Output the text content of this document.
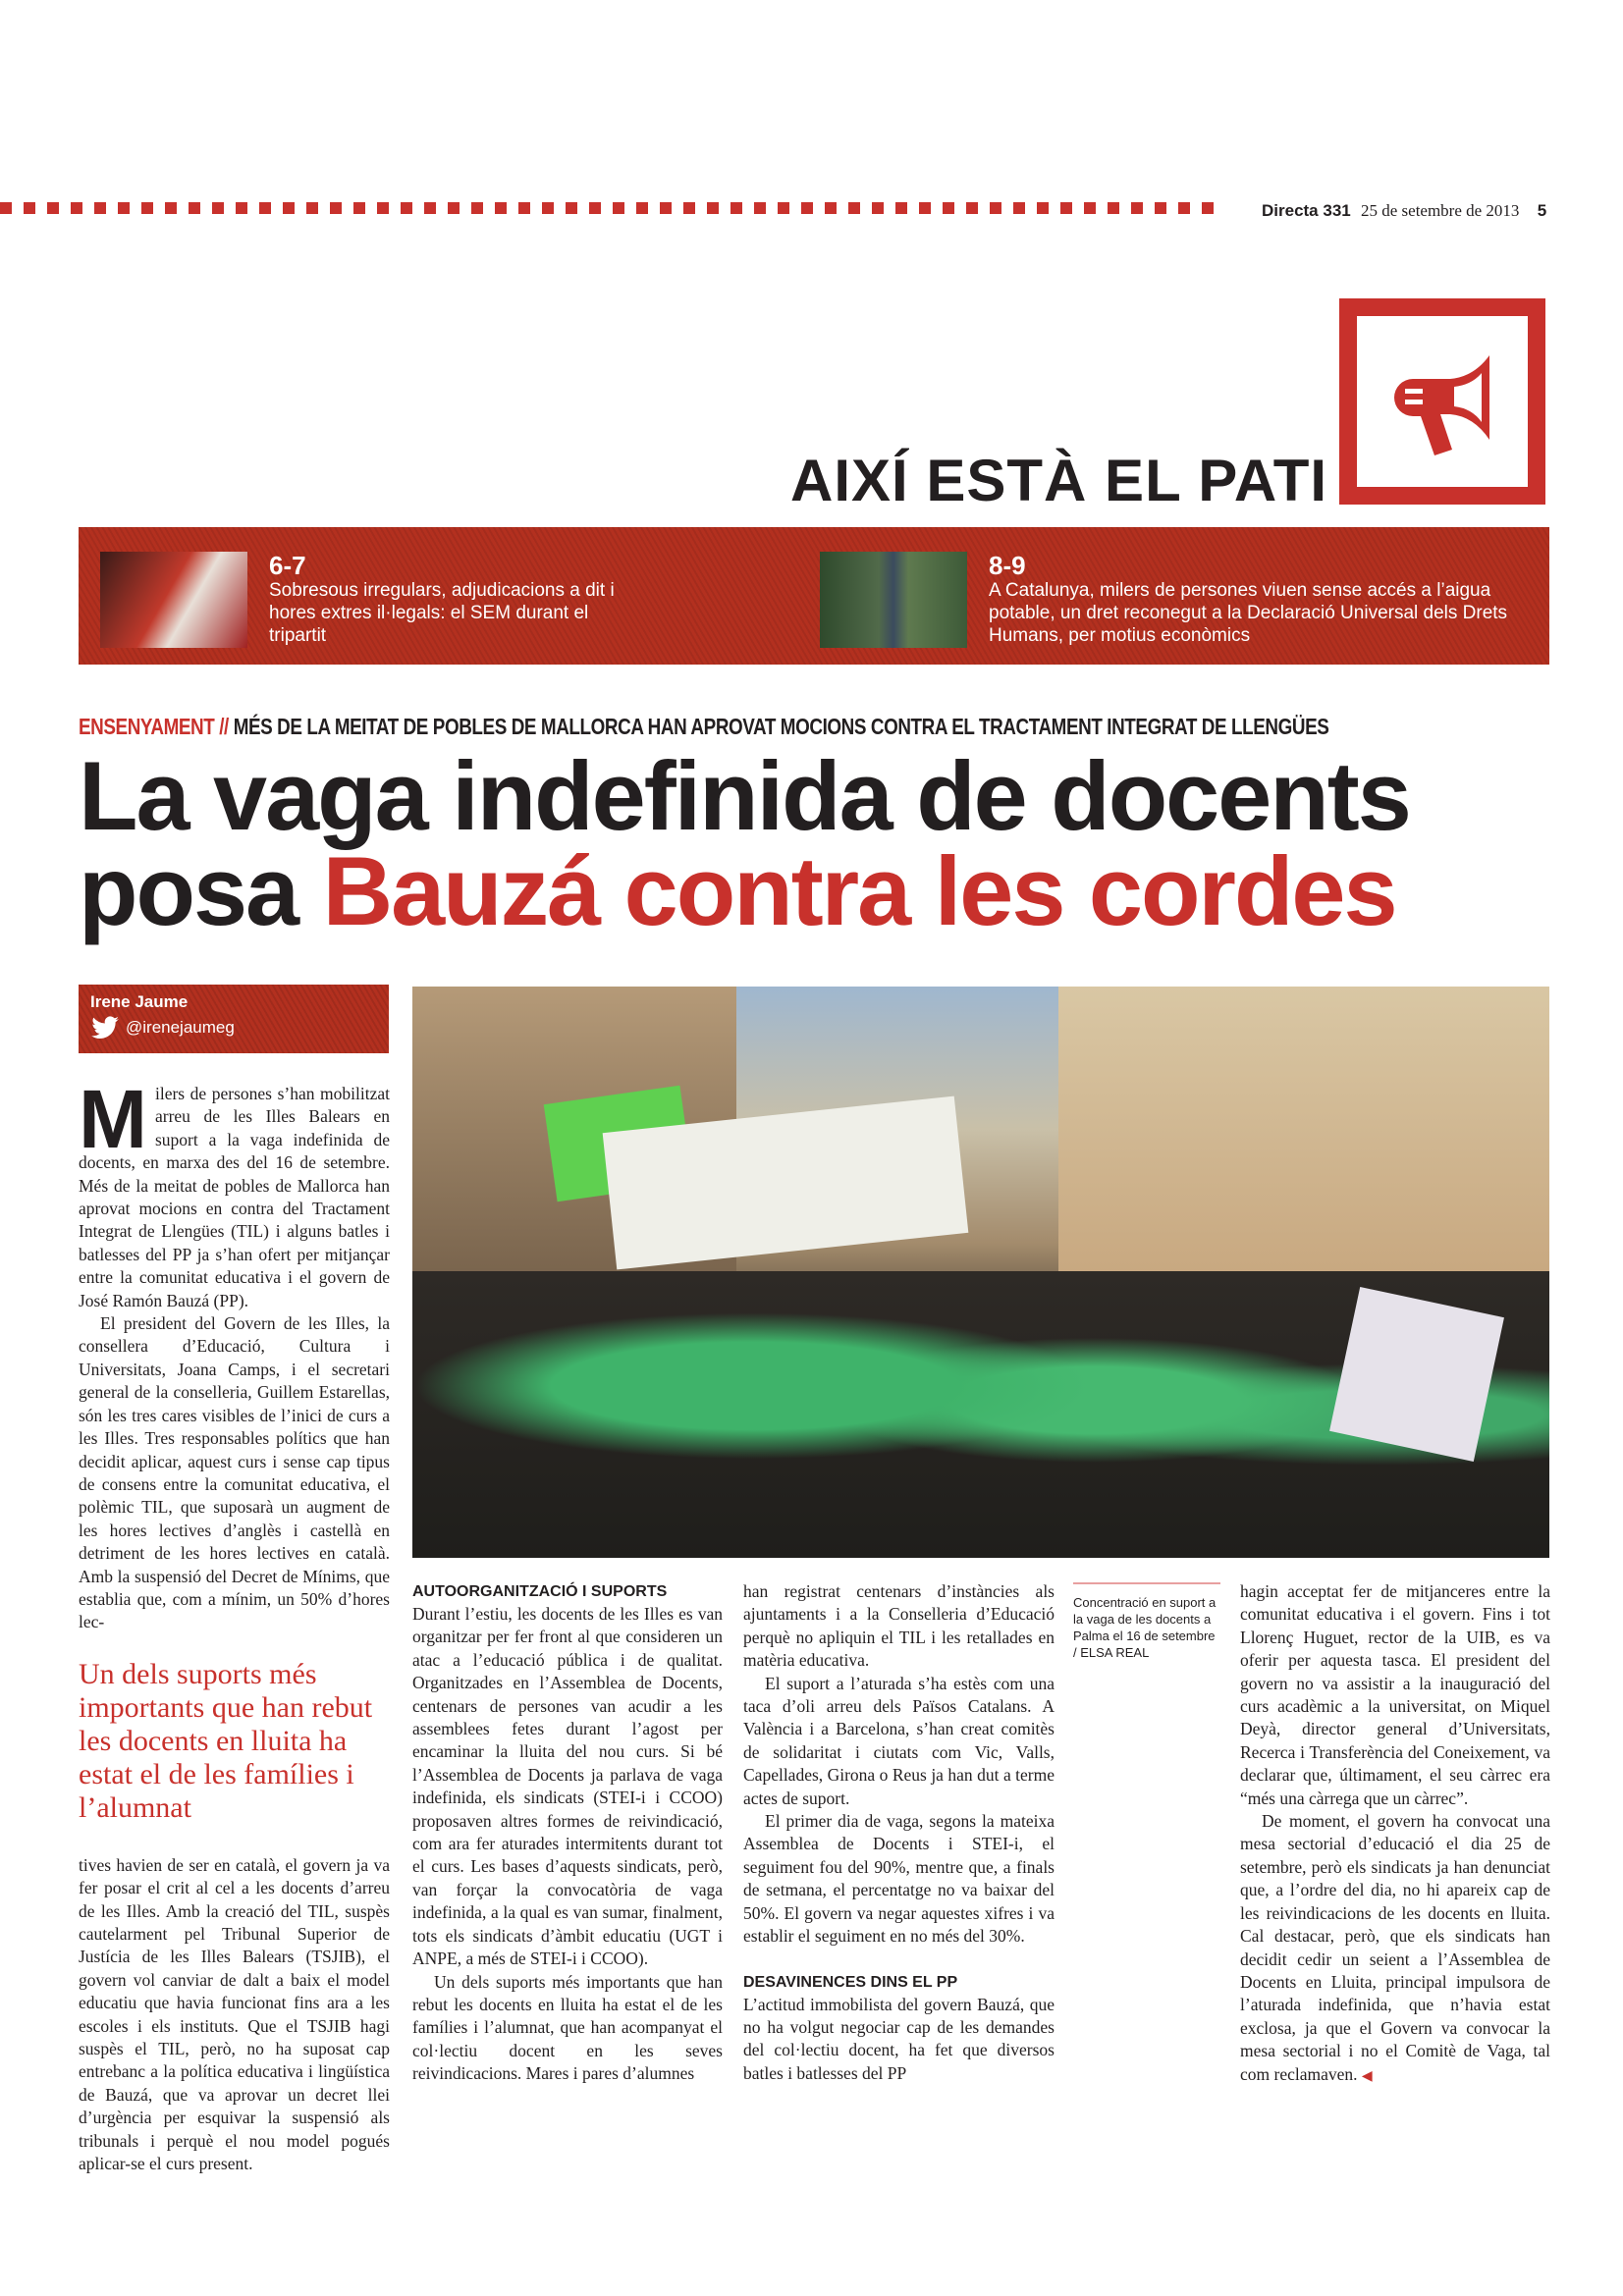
Directa 331 25 de setembre de 2013 5
AIXÍ ESTÀ EL PATI
6-7
Sobresous irregulars, adjudicacions a dit i hores extres il·legals: el SEM durant el tripartit
8-9
A Catalunya, milers de persones viuen sense accés a l’aigua potable, un dret reconegut a la Declaració Universal dels Drets Humans, per motius econòmics
ENSENYAMENT // MÉS DE LA MEITAT DE POBLES DE MALLORCA HAN APROVAT MOCIONS CONTRA EL TRACTAMENT INTEGRAT DE LLENGÜES
La vaga indefinida de docents
posa Bauzá contra les cordes
Irene Jaume
@irenejaumeg
M ilers de persones s’han mobilitzat arreu de les Illes Balears en suport a la vaga indefinida de docents, en marxa des del 16 de setembre. Més de la meitat de pobles de Mallorca han aprovat mocions en contra del Tractament Integrat de Llengües (TIL) i alguns batles i batlesses del PP ja s’han ofert per mitjançar entre la comunitat educativa i el govern de José Ramón Bauzá (PP).

El president del Govern de les Illes, la consellera d’Educació, Cultura i Universitats, Joana Camps, i el secretari general de la conselleria, Guillem Estarellas, són les tres cares visibles de l’inici de curs a les Illes. Tres responsables polítics que han decidit aplicar, aquest curs i sense cap tipus de consens entre la comunitat educativa, el polèmic TIL, que suposarà un augment de les hores lectives d’anglès i castellà en detriment de les hores lectives en català. Amb la suspensió del Decret de Mínims, que establia que, com a mínim, un 50% d’hores lec-

Un dels suports més importants que han rebut les docents en lluita ha estat el de les famílies i l’alumnat

tives havien de ser en català, el govern ja va fer posar el crit al cel a les docents d’arreu de les Illes. Amb la creació del TIL, suspès cautelarment pel Tribunal Superior de Justícia de les Illes Balears (TSJIB), el govern vol canviar de dalt a baix el model educatiu que havia funcionat fins ara a les escoles i els instituts. Que el TSJIB hagi suspès el TIL, però, no ha suposat cap entrebanc a la política educativa i lingüística de Bauzá, que va aprovar un decret llei d’urgència per esquivar la suspensió als tribunals i perquè el nou model pogués aplicar-se el curs present.

AUTOORGANITZACIÓ I SUPORTS

Durant l’estiu, les docents de les Illes es van organitzar per fer front al que consideren un atac a l’educació pública i de qualitat. Organitzades en l’Assemblea de Docents, centenars de persones van acudir a les assemblees fetes durant l’agost per encaminar la lluita del nou curs. Si bé l’Assemblea de Docents ja parlava de vaga indefinida, els sindicats (STEI-i i CCOO) proposaven altres formes de reivindicació, com ara fer aturades intermitents durant tot el curs. Les bases d’aquests sindicats, però, van forçar la convocatòria de vaga indefinida, a la qual es van sumar, finalment, tots els sindicats d’àmbit educatiu (UGT i ANPE, a més de STEI-i i CCOO).

Un dels suports més importants que han rebut les docents en lluita ha estat el de les famílies i l’alumnat, que han acompanyat el col·lectiu docent en les seves reivindicacions. Mares i pares d’alumnes

han registrat centenars d’instàncies als ajuntaments i a la Conselleria d’Educació perquè no apliquin el TIL i les retallades en matèria educativa.

El suport a l’aturada s’ha estès com una taca d’oli arreu dels Països Catalans. A València i a Barcelona, s’han creat comitès de solidaritat i ciutats com Vic, Valls, Capellades, Girona o Reus ja han dut a terme actes de suport.

El primer dia de vaga, segons la mateixa Assemblea de Docents i STEI-i, el seguiment fou del 90%, mentre que, a finals de setmana, el percentatge no va baixar del 50%. El govern va negar aquestes xifres i va establir el seguiment en no més del 30%.

DESAVINENCES DINS EL PP

L’actitud immobilista del govern Bauzá, que no ha volgut negociar cap de les demandes del col·lectiu docent, ha fet que diversos batles i batlesses del PP

Concentració en suport a la vaga de les docents a Palma el 16 de setembre / ELSA REAL

hagin acceptat fer de mitjanceres entre la comunitat educativa i el govern. Fins i tot Llorenç Huguet, rector de la UIB, es va oferir per aquesta tasca. El president del govern no va assistir a la inauguració del curs acadèmic a la universitat, on Miquel Deyà, director general d’Universitats, Recerca i Transferència del Coneixement, va declarar que, últimament, el seu càrrec era “més una càrrega que un càrrec”.

De moment, el govern ha convocat una mesa sectorial d’educació el dia 25 de setembre, però els sindicats ja han denunciat que, a l’ordre del dia, no hi apareix cap de les reivindicacions de les docents en lluita. Cal destacar, però, que els sindicats han decidit cedir un seient a l’Assemblea de Docents en Lluita, principal impulsora de l’aturada indefinida, que n’havia estat exclosa, ja que el Govern va convocar la mesa sectorial i no el Comitè de Vaga, tal com reclamaven. ◀
